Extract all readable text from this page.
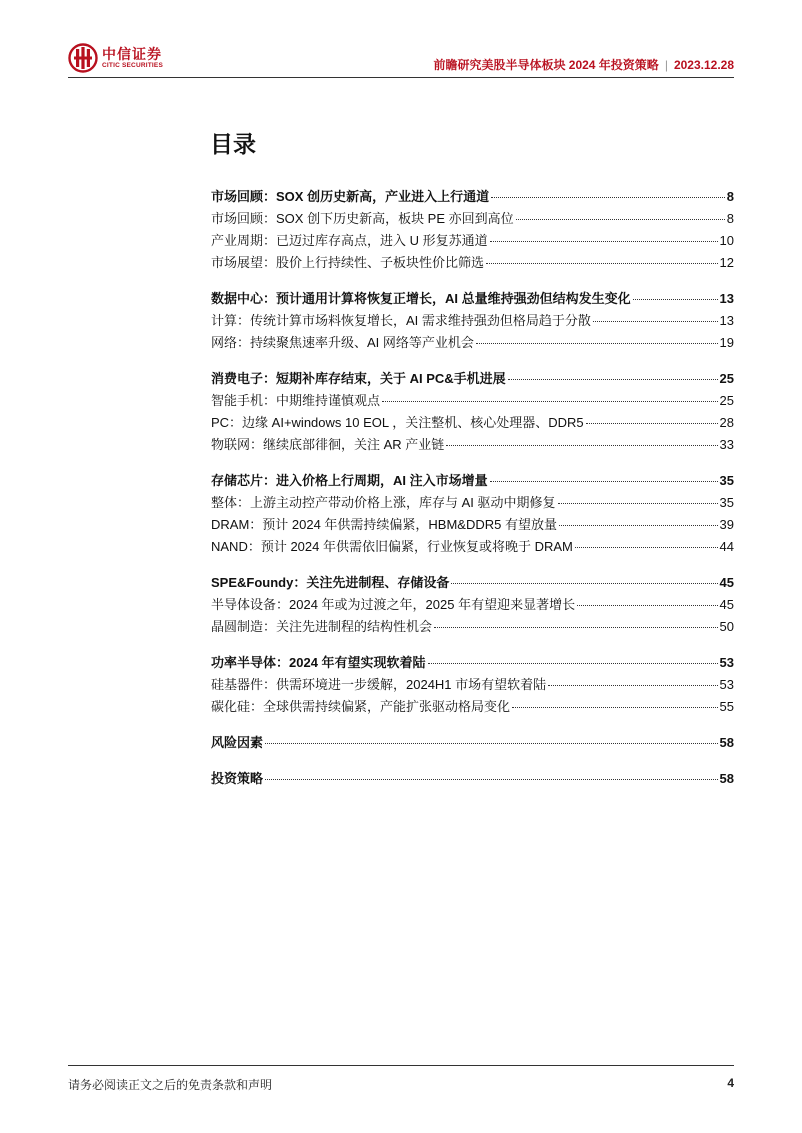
中信证券
CITIC SECURITIES	前瞻研究美股半导体板块 2024 年投资策略 | 2023.12.28
目录
市场回顾：SOX 创历史新高，产业进入上行通道	8
市场回顾：SOX 创下历史新高，板块 PE 亦回到高位	8
产业周期：已迈过库存高点，进入 U 形复苏通道	10
市场展望：股价上行持续性、子板块性价比筛选	12
数据中心：预计通用计算将恢复正增长，AI 总量维持强劲但结构发生变化	13
计算：传统计算市场料恢复增长，AI 需求维持强劲但格局趋于分散	13
网络：持续聚焦速率升级、AI 网络等产业机会	19
消费电子：短期补库存结束，关于 AI PC&手机进展	25
智能手机：中期维持谨慎观点	25
PC：边缘 AI+windows 10 EOL ，关注整机、核心处理器、DDR5	28
物联网：继续底部徘徊，关注 AR 产业链	33
存储芯片：进入价格上行周期，AI 注入市场增量	35
整体：上游主动控产带动价格上涨，库存与 AI 驱动中期修复	35
DRAM：预计 2024 年供需持续偏紧，HBM&DDR5 有望放量	39
NAND：预计 2024 年供需依旧偏紧，行业恢复或将晚于 DRAM	44
SPE&Foundy：关注先进制程、存储设备	45
半导体设备：2024 年或为过渡之年，2025 年有望迎来显著增长	45
晶圆制造：关注先进制程的结构性机会	50
功率半导体：2024 年有望实现软着陆	53
硅基器件：供需环境进一步缓解，2024H1 市场有望软着陆	53
碳化硅：全球供需持续偏紧，产能扩张驱动格局变化	55
风险因素	58
投资策略	58
请务必阅读正文之后的免责条款和声明	4
